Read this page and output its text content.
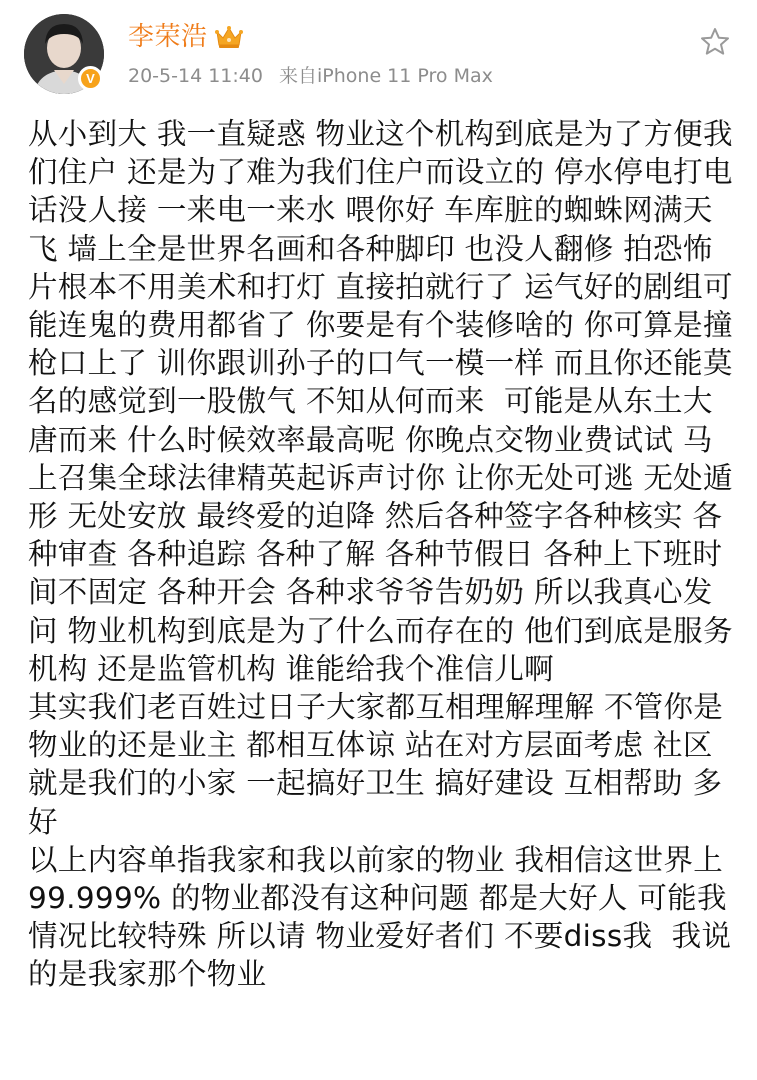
V
李荣浩
20-5-14 11:40 来自iPhone 11 Pro Max

从小到大 我一直疑惑 物业这个机构到底是为了方便我们住户 还是为了难为我们住户而设立的 停水停电打电话没人接 一来电一来水 喂你好 车库脏的蜘蛛网满天飞 墙上全是世界名画和各种脚印 也没人翻修 拍恐怖片根本不用美术和打灯 直接拍就行了 运气好的剧组可能连鬼的费用都省了 你要是有个装修啥的 你可算是撞枪口上了 训你跟训孙子的口气一模一样 而且你还能莫名的感觉到一股傲气 不知从何而来  可能是从东土大唐而来 什么时候效率最高呢 你晚点交物业费试试 马上召集全球法律精英起诉声讨你 让你无处可逃 无处遁形 无处安放 最终爱的迫降 然后各种签字各种核实 各种审查 各种追踪 各种了解 各种节假日 各种上下班时间不固定 各种开会 各种求爷爷告奶奶 所以我真心发问 物业机构到底是为了什么而存在的 他们到底是服务机构 还是监管机构 谁能给我个准信儿啊

其实我们老百姓过日子大家都互相理解理解 不管你是物业的还是业主 都相互体谅 站在对方层面考虑 社区就是我们的小家 一起搞好卫生 搞好建设 互相帮助 多好

以上内容单指我家和我以前家的物业 我相信这世界上99.999% 的物业都没有这种问题 都是大好人 可能我情况比较特殊 所以请 物业爱好者们 不要diss我  我说的是我家那个物业
